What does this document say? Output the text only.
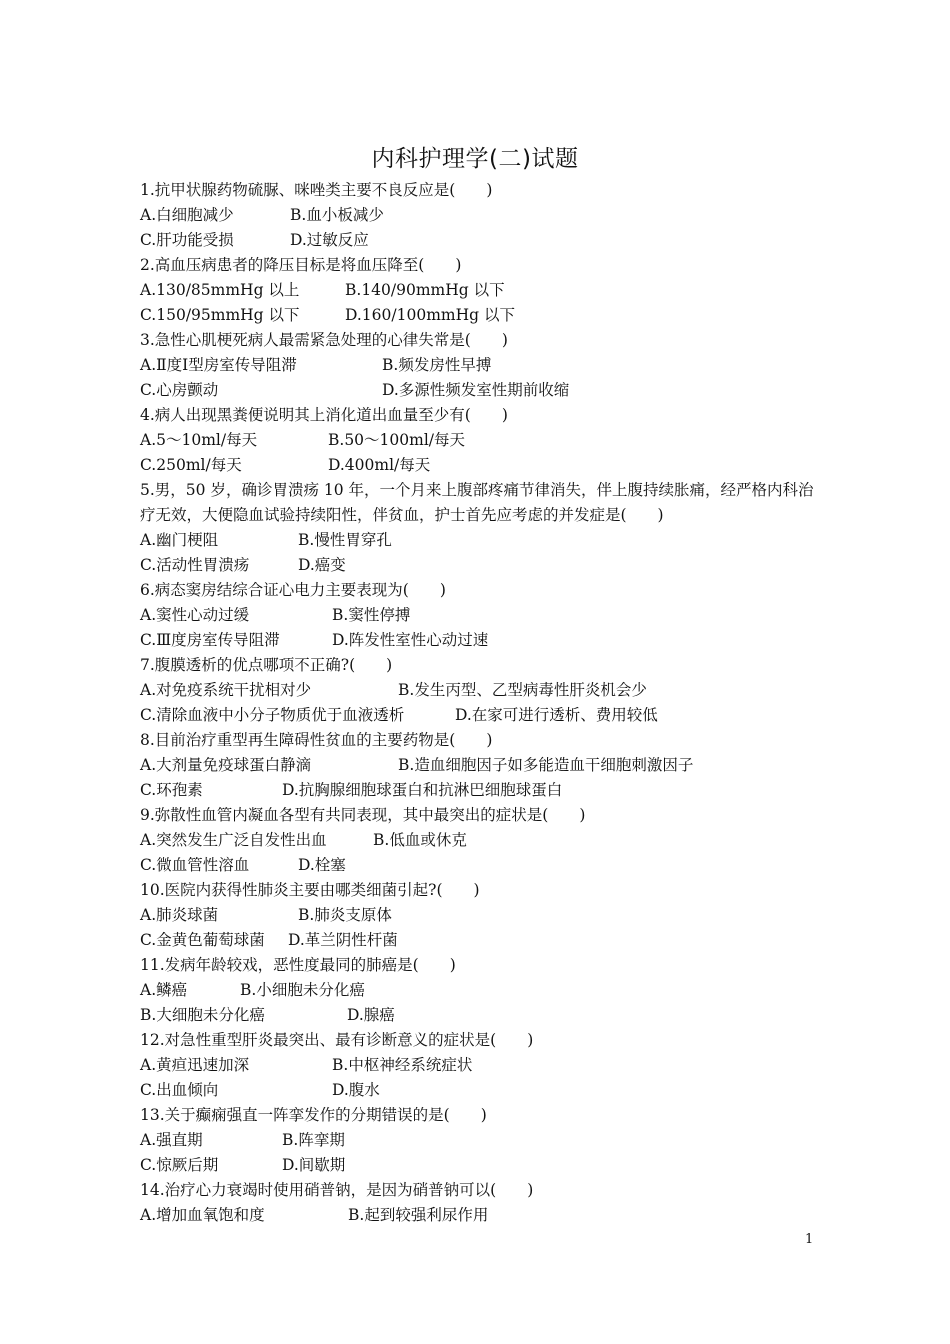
内科护理学(二)试题
1.抗甲状腺药物硫脲、咪唑类主要不良反应是(　　)
A.白细胞减少	B.血小板减少
C.肝功能受损	D.过敏反应
2.高血压病患者的降压目标是将血压降至(　　)
A.130/85mmHg 以上	B.140/90mmHg 以下
C.150/95mmHg 以下	D.160/100mmHg 以下
3.急性心肌梗死病人最需紧急处理的心律失常是(　　)
A.Ⅱ度Ⅰ型房室传导阻滞	B.频发房性早搏
C.心房颤动	D.多源性频发室性期前收缩
4.病人出现黑粪便说明其上消化道出血量至少有(　　)
A.5～10ml/每天	B.50～100ml/每天
C.250ml/每天	D.400ml/每天
5.男，50 岁，确诊胃溃疡 10 年，一个月来上腹部疼痛节律消失，伴上腹持续胀痛，经严格内科治疗无效，大便隐血试验持续阳性，伴贫血，护士首先应考虑的并发症是(　　)
A.幽门梗阻	B.慢性胃穿孔
C.活动性胃溃疡	D.癌变
6.病态窦房结综合证心电力主要表现为(　　)
A.窦性心动过缓	B.窦性停搏
C.Ⅲ度房室传导阻滞	D.阵发性室性心动过速
7.腹膜透析的优点哪项不正确?(　　)
A.对免疫系统干扰相对少	B.发生丙型、乙型病毒性肝炎机会少
C.清除血液中小分子物质优于血液透析	D.在家可进行透析、费用较低
8.目前治疗重型再生障碍性贫血的主要药物是(　　)
A.大剂量免疫球蛋白静滴	B.造血细胞因子如多能造血干细胞刺激因子
C.环孢素	D.抗胸腺细胞球蛋白和抗淋巴细胞球蛋白
9.弥散性血管内凝血各型有共同表现，其中最突出的症状是(　　)
A.突然发生广泛自发性出血	B.低血或休克
C.微血管性溶血	D.栓塞
10.医院内获得性肺炎主要由哪类细菌引起?(　　)
A.肺炎球菌	B.肺炎支原体
C.金黄色葡萄球菌 D.革兰阴性杆菌
11.发病年龄较戏，恶性度最同的肺癌是(　　)
A.鳞癌	B.小细胞未分化癌
B.大细胞未分化癌	D.腺癌
12.对急性重型肝炎最突出、最有诊断意义的症状是(　　)
A.黄疸迅速加深	B.中枢神经系统症状
C.出血倾向	D.腹水
13.关于癫痫强直一阵挛发作的分期错误的是(　　)
A.强直期	B.阵挛期
C.惊厥后期	D.间歇期
14.治疗心力衰竭时使用硝普钠，是因为硝普钠可以(　　)
A.增加血氧饱和度	B.起到较强利尿作用
1
